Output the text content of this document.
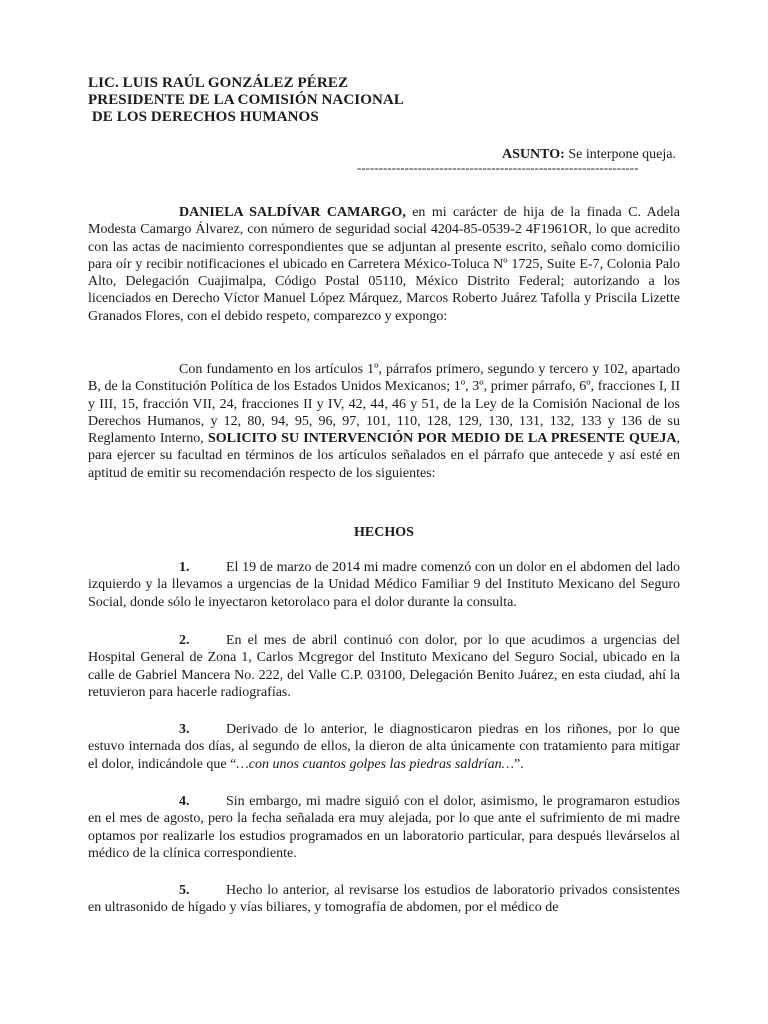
LIC. LUIS RAÚL GONZÁLEZ PÉREZ
PRESIDENTE DE LA COMISIÓN NACIONAL
DE LOS DERECHOS HUMANOS
ASUNTO: Se interpone queja.
-----------------------------------------------------------------
DANIELA SALDÍVAR CAMARGO, en mi carácter de hija de la finada C. Adela Modesta Camargo Álvarez, con número de seguridad social 4204-85-0539-2 4F1961OR, lo que acredito con las actas de nacimiento correspondientes que se adjuntan al presente escrito, señalo como domicilio para oír y recibir notificaciones el ubicado en Carretera México-Toluca Nº 1725, Suite E-7, Colonia Palo Alto, Delegación Cuajimalpa, Código Postal 05110, México Distrito Federal; autorizando a los licenciados en Derecho Víctor Manuel López Márquez, Marcos Roberto Juárez Tafolla y Priscila Lizette Granados Flores, con el debido respeto, comparezco y expongo:
Con fundamento en los artículos 1º, párrafos primero, segundo y tercero y 102, apartado B, de la Constitución Política de los Estados Unidos Mexicanos; 1º, 3º, primer párrafo, 6º, fracciones I, II y III, 15, fracción VII, 24, fracciones II y IV, 42, 44, 46 y 51, de la Ley de la Comisión Nacional de los Derechos Humanos, y 12, 80, 94, 95, 96, 97, 101, 110, 128, 129, 130, 131, 132, 133 y 136 de su Reglamento Interno, SOLICITO SU INTERVENCIÓN POR MEDIO DE LA PRESENTE QUEJA, para ejercer su facultad en términos de los artículos señalados en el párrafo que antecede y así esté en aptitud de emitir su recomendación respecto de los siguientes:
HECHOS
1.	El 19 de marzo de 2014 mi madre comenzó con un dolor en el abdomen del lado izquierdo y la llevamos a urgencias de la Unidad Médico Familiar 9 del Instituto Mexicano del Seguro Social, donde sólo le inyectaron ketorolaco para el dolor durante la consulta.
2.	En el mes de abril continuó con dolor, por lo que acudimos a urgencias del Hospital General de Zona 1, Carlos Mcgregor del Instituto Mexicano del Seguro Social, ubicado en la calle de Gabriel Mancera No. 222, del Valle C.P. 03100, Delegación Benito Juárez, en esta ciudad, ahí la retuvieron para hacerle radiografías.
3.	Derivado de lo anterior, le diagnosticaron piedras en los riñones, por lo que estuvo internada dos días, al segundo de ellos, la dieron de alta únicamente con tratamiento para mitigar el dolor, indicándole que “…con unos cuantos golpes las piedras saldrían…”.
4.	Sin embargo, mi madre siguió con el dolor, asimismo, le programaron estudios en el mes de agosto, pero la fecha señalada era muy alejada, por lo que ante el sufrimiento de mi madre optamos por realizarle los estudios programados en un laboratorio particular, para después llevárselos al médico de la clínica correspondiente.
5.	Hecho lo anterior, al revisarse los estudios de laboratorio privados consistentes en ultrasonido de hígado y vías biliares, y tomografía de abdomen, por el médico de
